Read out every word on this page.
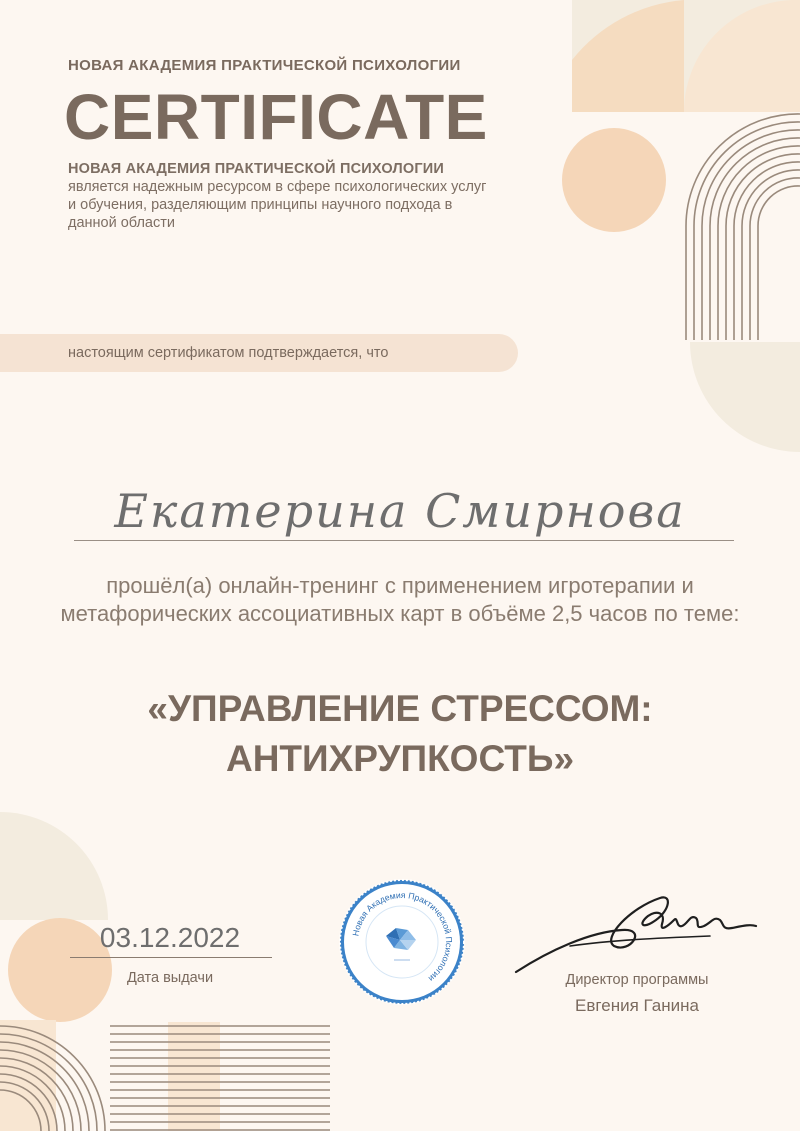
НОВАЯ АКАДЕМИЯ ПРАКТИЧЕСКОЙ ПСИХОЛОГИИ
CERTIFICATE
НОВАЯ АКАДЕМИЯ ПРАКТИЧЕСКОЙ ПСИХОЛОГИИ
является надежным ресурсом в сфере психологических услуг и обучения, разделяющим принципы научного подхода в данной области
настоящим сертификатом подтверждается, что
Екатерина Смирнова
прошёл(а) онлайн-тренинг с применением игротерапии и метафорических ассоциативных карт в объёме 2,5 часов по теме:
«УПРАВЛЕНИЕ СТРЕССОМ: АНТИХРУПКОСТЬ»
03.12.2022
Дата выдачи
Новая Академия Практической Психологии	Директор программы
Евгения Ганина
